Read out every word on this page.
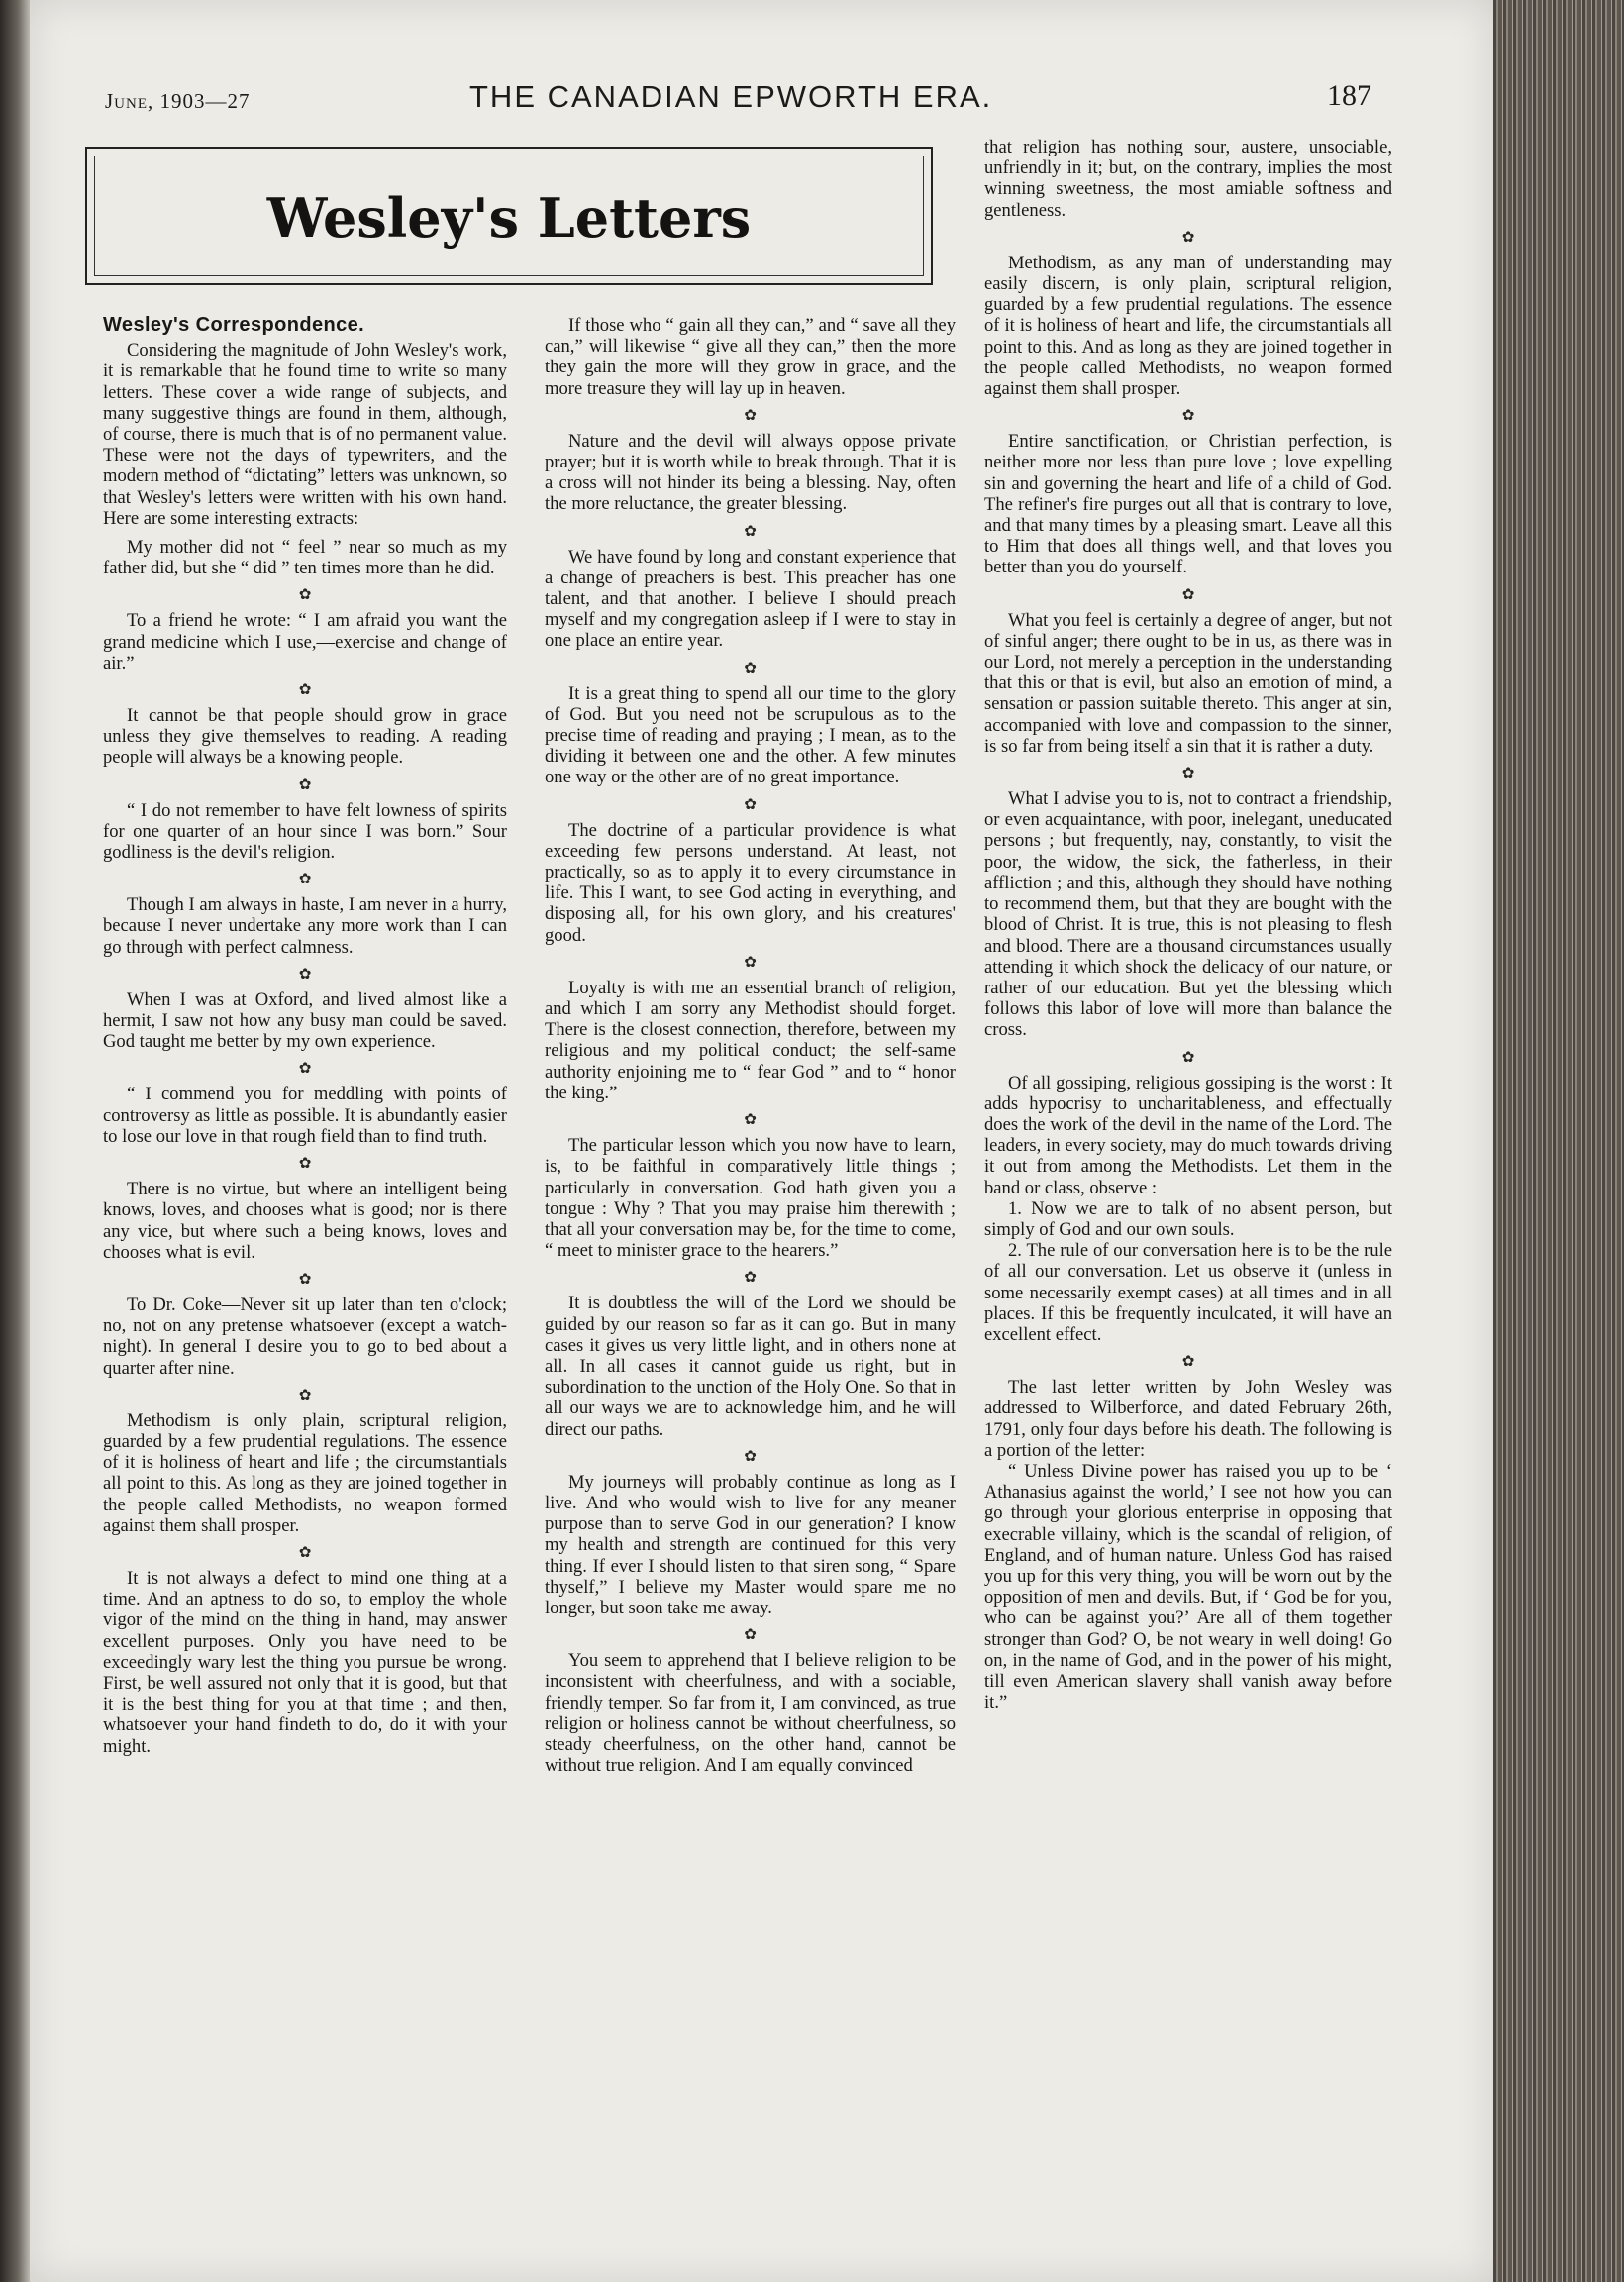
June, 1903—27	THE CANADIAN EPWORTH ERA.	187
Wesley's Letters

Wesley's Correspondence.

Considering the magnitude of John Wesley's work, it is remarkable that he found time to write so many letters. These cover a wide range of subjects, and many suggestive things are found in them, although, of course, there is much that is of no permanent value. These were not the days of typewriters, and the modern method of “dictating” letters was unknown, so that Wesley's letters were written with his own hand. Here are some interesting extracts:

My mother did not “ feel ” near so much as my father did, but she “ did ” ten times more than he did.

✿

To a friend he wrote: “ I am afraid you want the grand medicine which I use,—exercise and change of air.”

✿

It cannot be that people should grow in grace unless they give themselves to reading. A reading people will always be a knowing people.

✿

“ I do not remember to have felt lowness of spirits for one quarter of an hour since I was born.” Sour godliness is the devil's religion.

✿

Though I am always in haste, I am never in a hurry, because I never undertake any more work than I can go through with perfect calmness.

✿

When I was at Oxford, and lived almost like a hermit, I saw not how any busy man could be saved. God taught me better by my own experience.

✿

“ I commend you for meddling with points of controversy as little as possible. It is abundantly easier to lose our love in that rough field than to find truth.

✿

There is no virtue, but where an intelligent being knows, loves, and chooses what is good; nor is there any vice, but where such a being knows, loves and chooses what is evil.

✿

To Dr. Coke—Never sit up later than ten o'clock; no, not on any pretense whatsoever (except a watch-night). In general I desire you to go to bed about a quarter after nine.

✿

Methodism is only plain, scriptural religion, guarded by a few prudential regulations. The essence of it is holiness of heart and life ; the circumstantials all point to this. As long as they are joined together in the people called Methodists, no weapon formed against them shall prosper.

✿

It is not always a defect to mind one thing at a time. And an aptness to do so, to employ the whole vigor of the mind on the thing in hand, may answer excellent purposes. Only you have need to be exceedingly wary lest the thing you pursue be wrong. First, be well assured not only that it is good, but that it is the best thing for you at that time ; and then, whatsoever your hand findeth to do, do it with your might.

If those who “ gain all they can,” and “ save all they can,” will likewise “ give all they can,” then the more they gain the more will they grow in grace, and the more treasure they will lay up in heaven.

✿

Nature and the devil will always oppose private prayer; but it is worth while to break through. That it is a cross will not hinder its being a blessing. Nay, often the more reluctance, the greater blessing.

✿

We have found by long and constant experience that a change of preachers is best. This preacher has one talent, and that another. I believe I should preach myself and my congregation asleep if I were to stay in one place an entire year.

✿

It is a great thing to spend all our time to the glory of God. But you need not be scrupulous as to the precise time of reading and praying ; I mean, as to the dividing it between one and the other. A few minutes one way or the other are of no great importance.

✿

The doctrine of a particular providence is what exceeding few persons understand. At least, not practically, so as to apply it to every circumstance in life. This I want, to see God acting in everything, and disposing all, for his own glory, and his creatures' good.

✿

Loyalty is with me an essential branch of religion, and which I am sorry any Methodist should forget. There is the closest connection, therefore, between my religious and my political conduct; the self-same authority enjoining me to “ fear God ” and to “ honor the king.”

✿

The particular lesson which you now have to learn, is, to be faithful in comparatively little things ; particularly in conversation. God hath given you a tongue : Why ? That you may praise him therewith ; that all your conversation may be, for the time to come, “ meet to minister grace to the hearers.”

✿

It is doubtless the will of the Lord we should be guided by our reason so far as it can go. But in many cases it gives us very little light, and in others none at all. In all cases it cannot guide us right, but in subordination to the unction of the Holy One. So that in all our ways we are to acknowledge him, and he will direct our paths.

✿

My journeys will probably continue as long as I live. And who would wish to live for any meaner purpose than to serve God in our generation? I know my health and strength are continued for this very thing. If ever I should listen to that siren song, “ Spare thyself,” I believe my Master would spare me no longer, but soon take me away.

✿

You seem to apprehend that I believe religion to be inconsistent with cheerfulness, and with a sociable, friendly temper. So far from it, I am convinced, as true religion or holiness cannot be without cheerfulness, so steady cheerfulness, on the other hand, cannot be without true religion. And I am equally convinced

that religion has nothing sour, austere, unsociable, unfriendly in it; but, on the contrary, implies the most winning sweetness, the most amiable softness and gentleness.

✿

Methodism, as any man of understanding may easily discern, is only plain, scriptural religion, guarded by a few prudential regulations. The essence of it is holiness of heart and life, the circumstantials all point to this. And as long as they are joined together in the people called Methodists, no weapon formed against them shall prosper.

✿

Entire sanctification, or Christian perfection, is neither more nor less than pure love ; love expelling sin and governing the heart and life of a child of God. The refiner's fire purges out all that is contrary to love, and that many times by a pleasing smart. Leave all this to Him that does all things well, and that loves you better than you do yourself.

✿

What you feel is certainly a degree of anger, but not of sinful anger; there ought to be in us, as there was in our Lord, not merely a perception in the understanding that this or that is evil, but also an emotion of mind, a sensation or passion suitable thereto. This anger at sin, accompanied with love and compassion to the sinner, is so far from being itself a sin that it is rather a duty.

✿

What I advise you to is, not to contract a friendship, or even acquaintance, with poor, inelegant, uneducated persons ; but frequently, nay, constantly, to visit the poor, the widow, the sick, the fatherless, in their affliction ; and this, although they should have nothing to recommend them, but that they are bought with the blood of Christ. It is true, this is not pleasing to flesh and blood. There are a thousand circumstances usually attending it which shock the delicacy of our nature, or rather of our education. But yet the blessing which follows this labor of love will more than balance the cross.

✿

Of all gossiping, religious gossiping is the worst : It adds hypocrisy to uncharitableness, and effectually does the work of the devil in the name of the Lord. The leaders, in every society, may do much towards driving it out from among the Methodists. Let them in the band or class, observe :

1. Now we are to talk of no absent person, but simply of God and our own souls.

2. The rule of our conversation here is to be the rule of all our conversation. Let us observe it (unless in some necessarily exempt cases) at all times and in all places. If this be frequently inculcated, it will have an excellent effect.

✿

The last letter written by John Wesley was addressed to Wilberforce, and dated February 26th, 1791, only four days before his death. The following is a portion of the letter:

“ Unless Divine power has raised you up to be ‘ Athanasius against the world,’ I see not how you can go through your glorious enterprise in opposing that execrable villainy, which is the scandal of religion, of England, and of human nature. Unless God has raised you up for this very thing, you will be worn out by the opposition of men and devils. But, if ‘ God be for you, who can be against you?’ Are all of them together stronger than God? O, be not weary in well doing! Go on, in the name of God, and in the power of his might, till even American slavery shall vanish away before it.”
